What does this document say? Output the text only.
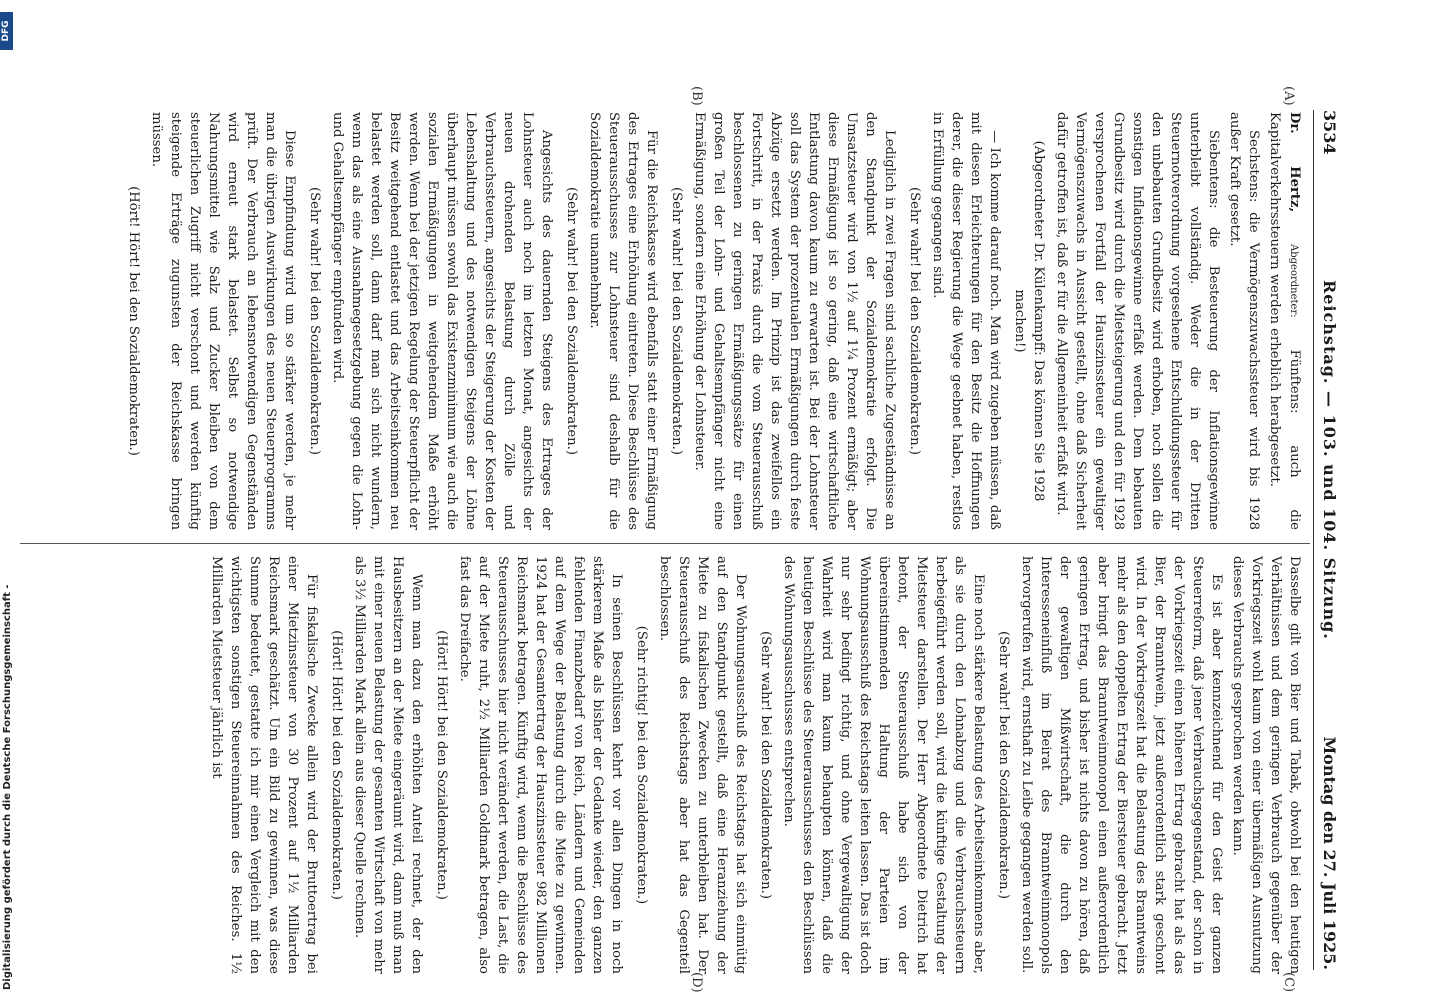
3534
Reichstag. — 103. und 104. Sitzung.
Montag den 27. Juli 1925.
(A)
(B)
(C)
(D)

Dr. Hertz, Abgeordneter: Fünftens: auch die Kapitalverkehrssteuern werden erheblich herabgesetzt.

Sechstens: die Vermögenszuwachssteuer wird bis 1928 außer Kraft gesetzt.

Siebentens: die Besteuerung der Inflationsgewinne unterbleibt vollständig. Weder die in der Dritten Steuernotverordnung vorgesehene Entschuldungssteuer für den unbebauten Grundbesitz wird erhoben, noch sollen die sonstigen Inflationsgewinne erfaßt werden. Dem bebauten Grundbesitz wird durch die Mietsteigerung und den für 1928 versprochenen Fortfall der Hauszinssteuer ein gewaltiger Vermögenszuwachs in Aussicht gestellt, ohne daß Sicherheit dafür getroffen ist, daß er für die Allgemeinheit erfaßt wird.

(Abgeordneter Dr. Külenkampff: Das können Sie 1928 machen!)

— Ich komme darauf noch. Man wird zugeben müssen, daß mit diesen Erleichterungen für den Besitz die Hoffnungen derer, die dieser Regierung die Wege geebnet haben, restlos in Erfüllung gegangen sind.

(Sehr wahr! bei den Sozialdemokraten.)

Lediglich in zwei Fragen sind sachliche Zugeständnisse an den Standpunkt der Sozialdemokratie erfolgt. Die Umsatzsteuer wird von 1½ auf 1¼ Prozent ermäßigt; aber diese Ermäßigung ist so gering, daß eine wirtschaftliche Entlastung davon kaum zu erwarten ist. Bei der Lohnsteuer soll das System der prozentualen Ermäßigungen durch feste Abzüge ersetzt werden. Im Prinzip ist das zweifellos ein Fortschritt, in der Praxis durch die vom Steuerausschuß beschlossenen zu geringen Ermäßigungssätze für einen großen Teil der Lohn- und Gehaltsempfänger nicht eine Ermäßigung, sondern eine Erhöhung der Lohnsteuer.

(Sehr wahr! bei den Sozialdemokraten.)

Für die Reichskasse wird ebenfalls statt einer Ermäßigung des Ertrages eine Erhöhung eintreten. Diese Beschlüsse des Steuerausschusses zur Lohnsteuer sind deshalb für die Sozialdemokratie unannehmbar.

(Sehr wahr! bei den Sozialdemokraten.)

Angesichts des dauernden Steigens des Ertrages der Lohnsteuer auch noch im letzten Monat, angesichts der neuen drohenden Belastung durch Zölle und Verbrauchssteuern, angesichts der Steigerung der Kosten der Lebenshaltung und des notwendigen Steigens der Löhne überhaupt müssen sowohl das Existenzminimum wie auch die sozialen Ermäßigungen in weitgehendem Maße erhöht werden. Wenn bei der jetzigen Regelung der Steuerpflicht der Besitz weitgehend entlastet und das Arbeitseinkommen neu belastet werden soll, dann darf man sich nicht wundern, wenn das als eine Ausnahmegesetzgebung gegen die Lohn- und Gehaltsempfänger empfunden wird.

(Sehr wahr! bei den Sozialdemokraten.)

Diese Empfindung wird um so stärker werden, je mehr man die übrigen Auswirkungen des neuen Steuerprogramms prüft. Der Verbrauch an lebensnotwendigen Gegenständen wird erneut stark belastet. Selbst so notwendige Nahrungsmittel wie Salz und Zucker bleiben von dem steuerlichen Zugriff nicht verschont und werden künftig steigende Erträge zugunsten der Reichskasse bringen müssen.

(Hört! Hört! bei den Sozialdemokraten.)

Dasselbe gilt von Bier und Tabak, obwohl bei den heutigen Verhältnissen und dem geringen Verbrauch gegenüber der Vorkriegszeit wohl kaum von einer übermäßigen Ausnutzung dieses Verbrauchs gesprochen werden kann.

Es ist aber kennzeichnend für den Geist der ganzen Steuerreform, daß jener Verbrauchsgegenstand, der schon in der Vorkriegszeit einen höheren Ertrag gebracht hat als das Bier, der Branntwein, jetzt außerordentlich stark geschont wird. In der Vorkriegszeit hat die Belastung des Branntweins mehr als den doppelten Ertrag der Biersteuer gebracht. Jetzt aber bringt das Branntweinmonopol einen außerordentlich geringen Ertrag, und bisher ist nichts davon zu hören, daß der gewaltigen Mißwirtschaft, die durch den Interesseneinfluß im Beirat des Branntweinmonopols hervorgerufen wird, ernsthaft zu Leibe gegangen werden soll.

(Sehr wahr! bei den Sozialdemokraten.)

Eine noch stärkere Belastung des Arbeitseinkommens aber, als sie durch den Lohnabzug und die Verbrauchssteuern herbeigeführt werden soll, wird die künftige Gestaltung der Mietsteuer darstellen. Der Herr Abgeordnete Dietrich hat betont, der Steuerausschuß habe sich von der übereinstimmenden Haltung der Parteien im Wohnungsausschuß des Reichstags leiten lassen. Das ist doch nur sehr bedingt richtig, und ohne Vergewaltigung der Wahrheit wird man kaum behaupten können, daß die heutigen Beschlüsse des Steuerausschusses den Beschlüssen des Wohnungsausschusses entsprechen.

(Sehr wahr! bei den Sozialdemokraten.)

Der Wohnungsausschuß des Reichstags hat sich einmütig auf den Standpunkt gestellt, daß eine Heranziehung der Miete zu fiskalischen Zwecken zu unterbleiben hat. Der Steuerausschuß des Reichstags aber hat das Gegenteil beschlossen.

(Sehr richtig! bei den Sozialdemokraten.)

In seinen Beschlüssen kehrt vor allen Dingen in noch stärkerem Maße als bisher der Gedanke wieder, den ganzen fehlenden Finanzbedarf von Reich, Ländern und Gemeinden auf dem Wege der Belastung durch die Miete zu gewinnen. 1924 hat der Gesamtertrag der Hauszinssteuer 982 Millionen Reichsmark betragen. Künftig wird, wenn die Beschlüsse des Steuerausschusses hier nicht verändert werden, die Last, die auf der Miete ruht, 2½ Milliarden Goldmark betragen, also fast das Dreifache.

(Hört! Hört! bei den Sozialdemokraten.)

Wenn man dazu den erhöhten Anteil rechnet, der den Hausbesitzern an der Miete eingeräumt wird, dann muß man mit einer neuen Belastung der gesamten Wirtschaft von mehr als 3½ Milliarden Mark allein aus dieser Quelle rechnen.

(Hört! Hört! bei den Sozialdemokraten.)

Für fiskalische Zwecke allein wird der Bruttoertrag bei einer Mietzinssteuer von 30 Prozent auf 1½ Milliarden Reichsmark geschätzt. Um ein Bild zu gewinnen, was diese Summe bedeutet, gestatte ich mir einen Vergleich mit den wichtigsten sonstigen Steuereinnahmen des Reiches. 1½ Milliarden Mietsteuer jährlich ist

Digitalisierung gefördert durch die Deutsche Forschungsgemeinschaft -
DFG
